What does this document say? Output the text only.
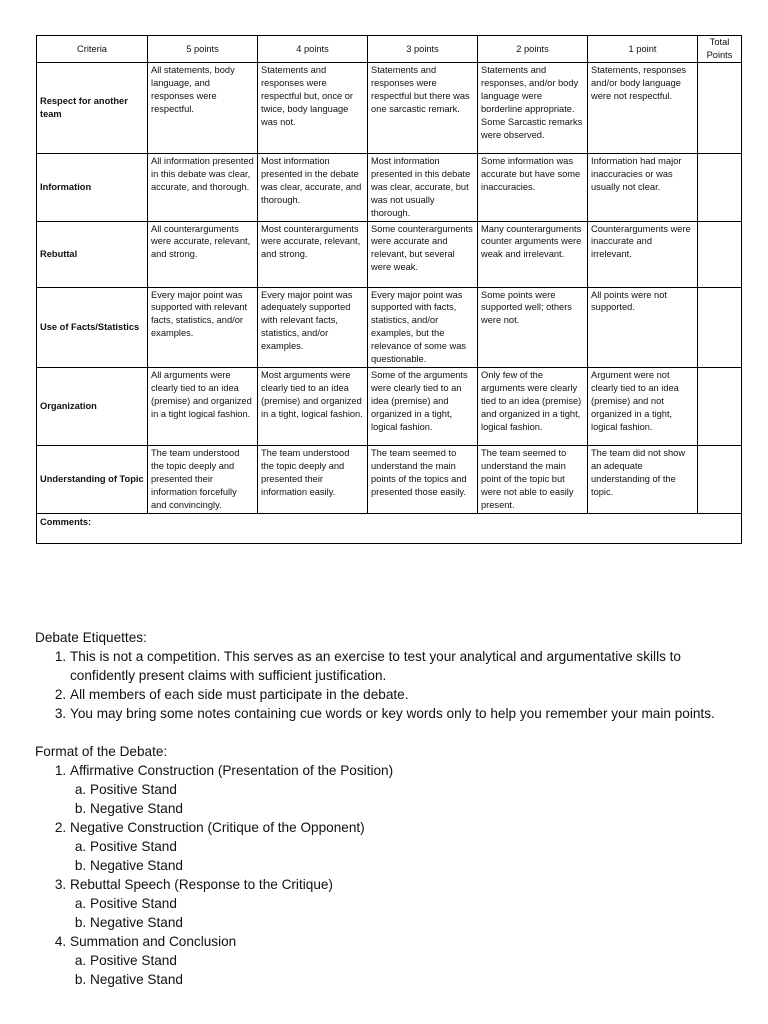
Criteria	5 points	4 points	3 points	2 points	1 point	Total Points
Respect for another team	All statements, body language, and responses were respectful.	Statements and responses were respectful but, once or twice, body language was not.	Statements and responses were respectful but there was one sarcastic remark.	Statements and responses, and/or body language were borderline appropriate. Some Sarcastic remarks were observed.	Statements, responses and/or body language were not respectful.	
Information	All information presented in this debate was clear, accurate, and thorough.	Most information presented in the debate was clear, accurate, and thorough.	Most information presented in this debate was clear, accurate, but was not usually thorough.	Some information was accurate but have some inaccuracies.	Information had major inaccuracies or was usually not clear.	
Rebuttal	All counterarguments were accurate, relevant, and strong.	Most counterarguments were accurate, relevant, and strong.	Some counterarguments were accurate and relevant, but several were weak.	Many counterarguments counter arguments were weak and irrelevant.	Counterarguments were inaccurate and irrelevant.	
Use of Facts/Statistics	Every major point was supported with relevant facts, statistics, and/or examples.	Every major point was adequately supported with relevant facts, statistics, and/or examples.	Every major point was supported with facts, statistics, and/or examples, but the relevance of some was questionable.	Some points were supported well; others were not.	All points were not supported.	
Organization	All arguments were clearly tied to an idea (premise) and organized in a tight logical fashion.	Most arguments were clearly tied to an idea (premise) and organized in a tight, logical fashion.	Some of the arguments were clearly tied to an idea (premise) and organized in a tight, logical fashion.	Only few of the arguments were clearly tied to an idea (premise) and organized in a tight, logical fashion.	Argument were not clearly tied to an idea (premise) and not organized in a tight, logical fashion.	
Understanding of Topic	The team understood the topic deeply and presented their information forcefully and convincingly.	The team understood the topic deeply and presented their information easily.	The team seemed to understand the main points of the topics and presented those easily.	The team seemed to understand the main point of the topic but were not able to easily present.	The team did not show an adequate understanding of the topic.	
Comments:						

Debate Etiquettes:

1. This is not a competition. This serves as an exercise to test your analytical and argumentative skills to confidently present claims with sufficient justification.
2. All members of each side must participate in the debate.
3. You may bring some notes containing cue words or key words only to help you remember your main points.

Format of the Debate:

1. Affirmative Construction (Presentation of the Position)
a. Positive Stand
b. Negative Stand
2. Negative Construction (Critique of the Opponent)
a. Positive Stand
b. Negative Stand
3. Rebuttal Speech (Response to the Critique)
a. Positive Stand
b. Negative Stand
4. Summation and Conclusion
a. Positive Stand
b. Negative Stand
